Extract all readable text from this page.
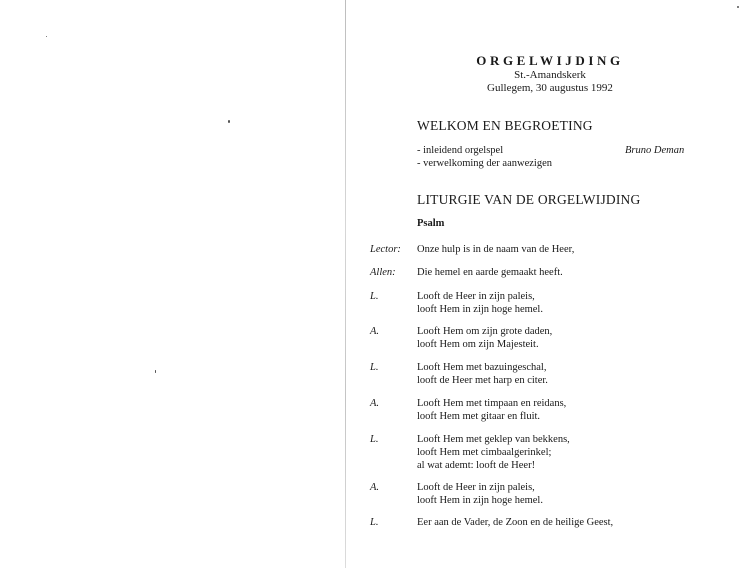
ORGELWIJDING
St.-Amandskerk
Gullegem, 30 augustus 1992
WELKOM EN BEGROETING
- inleidend orgelspel	Bruno Deman
- verwelkoming der aanwezigen
LITURGIE VAN DE ORGELWIJDING
Psalm
Lector: Onze hulp is in de naam van de Heer,
Allen: Die hemel en aarde gemaakt heeft.
L.	Looft de Heer in zijn paleis,
looft Hem in zijn hoge hemel.
A.	Looft Hem om zijn grote daden,
looft Hem om zijn Majesteit.
L.	Looft Hem met bazuingeschal,
looft de Heer met harp en citer.
A.	Looft Hem met timpaan en reidans,
looft Hem met gitaar en fluit.
L.	Looft Hem met geklep van bekkens,
looft Hem met cimbaalgerinkel;
al wat ademt: looft de Heer!
A.	Looft de Heer in zijn paleis,
looft Hem in zijn hoge hemel.
L.	Eer aan de Vader, de Zoon en de heilige Geest,
